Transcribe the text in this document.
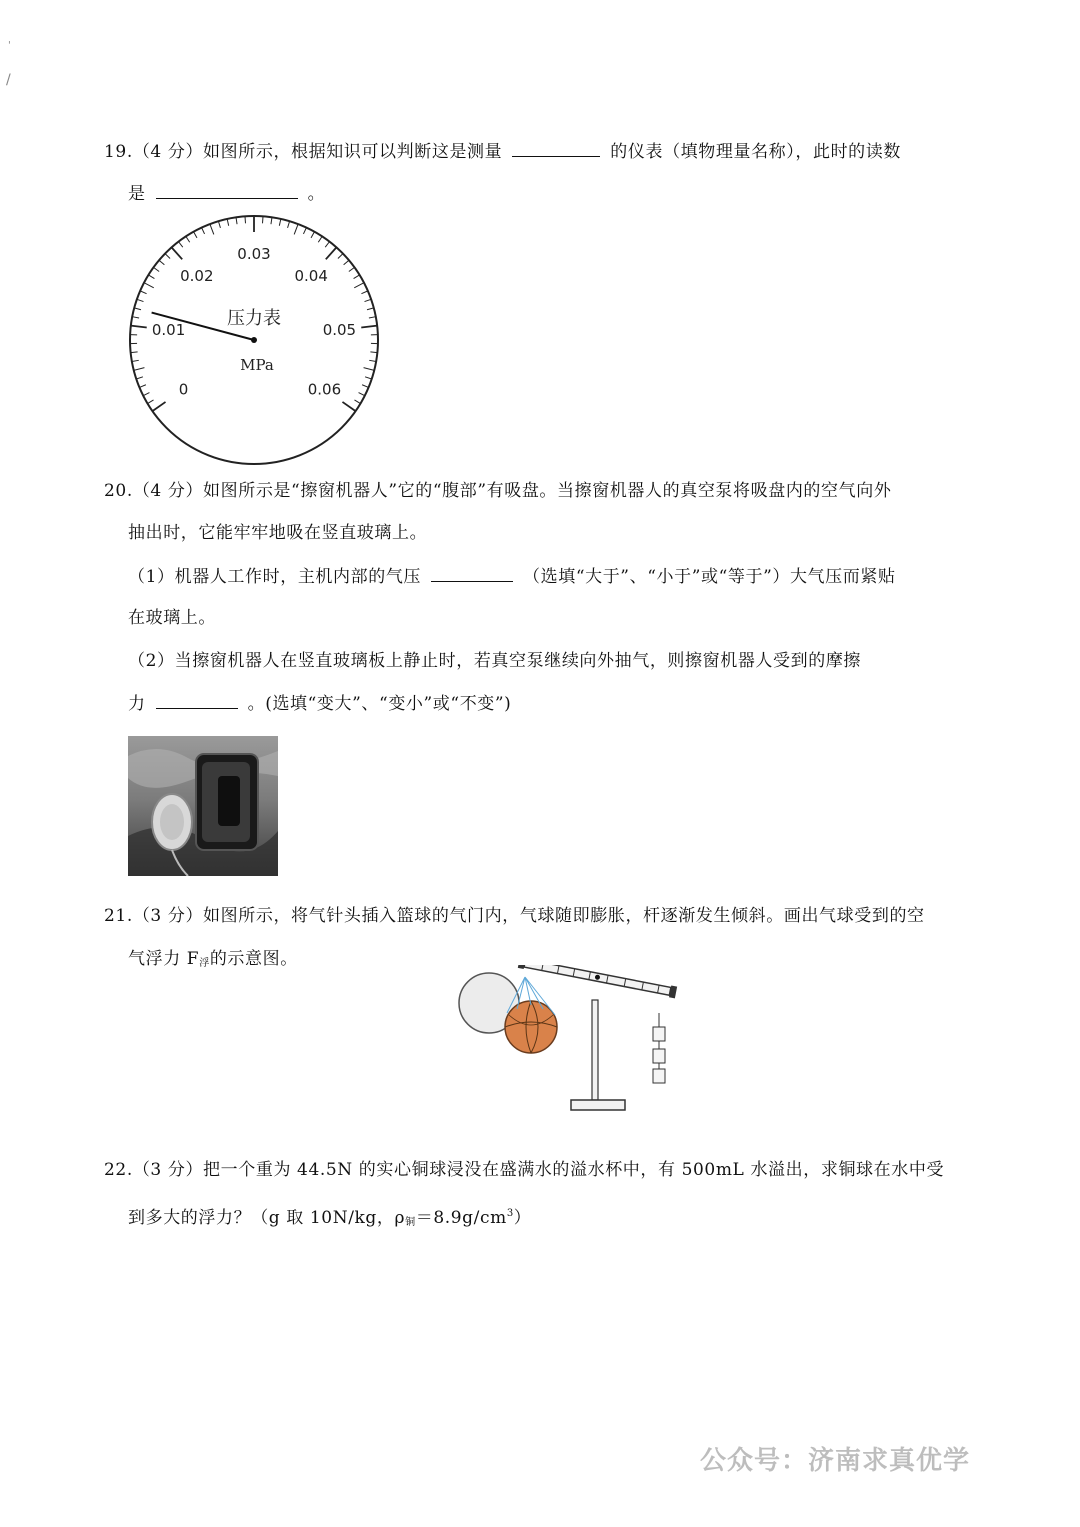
'
/
19.（4 分）如图所示，根据知识可以判断这是测量	的仪表（填物理量名称），此时的读数
是	。
0
0.01
0.02
0.03
0.04
0.05
0.06
压力表
MPa
20.（4 分）如图所示是“擦窗机器人”它的“腹部”有吸盘。当擦窗机器人的真空泵将吸盘内的空气向外
抽出时，它能牢牢地吸在竖直玻璃上。
（1）机器人工作时，主机内部的气压	（选填“大于”、“小于”或“等于”）大气压而紧贴
在玻璃上。
（2）当擦窗机器人在竖直玻璃板上静止时，若真空泵继续向外抽气，则擦窗机器人受到的摩擦
力	。(选填“变大”、“变小”或“不变”)
21.（3 分）如图所示，将气针头插入篮球的气门内，气球随即膨胀，杆逐渐发生倾斜。画出气球受到的空
气浮力 $F_浮$的示意图。
22.（3 分）把一个重为 44.5N 的实心铜球浸没在盛满水的溢水杯中，有 500mL 水溢出，求铜球在水中受
到多大的浮力？（g 取 10N/kg，$\rho_铜=8.9g/cm^3$）
公众号：济南求真优学
